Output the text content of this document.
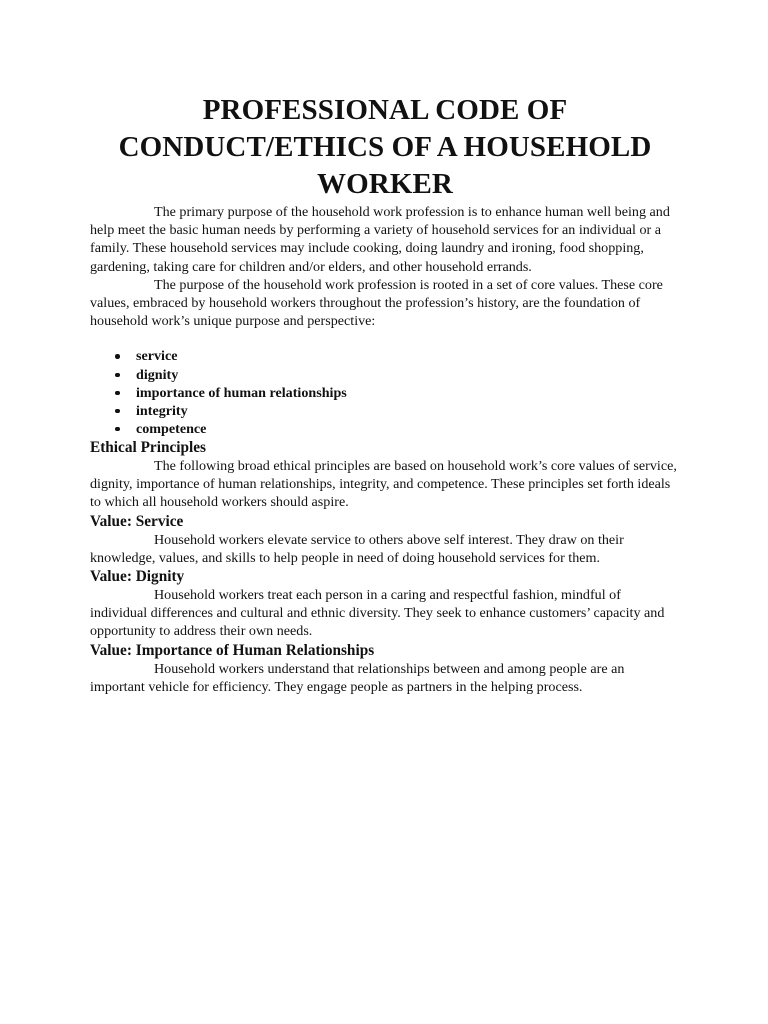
PROFESSIONAL CODE OF
CONDUCT/ETHICS OF A HOUSEHOLD
WORKER

The primary purpose of the household work profession is to enhance human well being and help meet the basic human needs by performing a variety of household services for an individual or a family. These household services may include cooking, doing laundry and ironing, food shopping, gardening, taking care for children and/or elders, and other household errands.

The purpose of the household work profession is rooted in a set of core values. These core values, embraced by household workers throughout the profession’s history, are the foundation of household work’s unique purpose and perspective:

service
dignity
importance of human relationships
integrity
competence
Ethical Principles

The following broad ethical principles are based on household work’s core values of service, dignity, importance of human relationships, integrity, and competence. These principles set forth ideals to which all household workers should aspire.

Value: Service

Household workers elevate service to others above self interest. They draw on their knowledge, values, and skills to help people in need of doing household services for them.

Value: Dignity

Household workers treat each person in a caring and respectful fashion, mindful of individual differences and cultural and ethnic diversity. They seek to enhance customers’ capacity and opportunity to address their own needs.

Value: Importance of Human Relationships

Household workers understand that relationships between and among people are an important vehicle for efficiency. They engage people as partners in the helping process.
